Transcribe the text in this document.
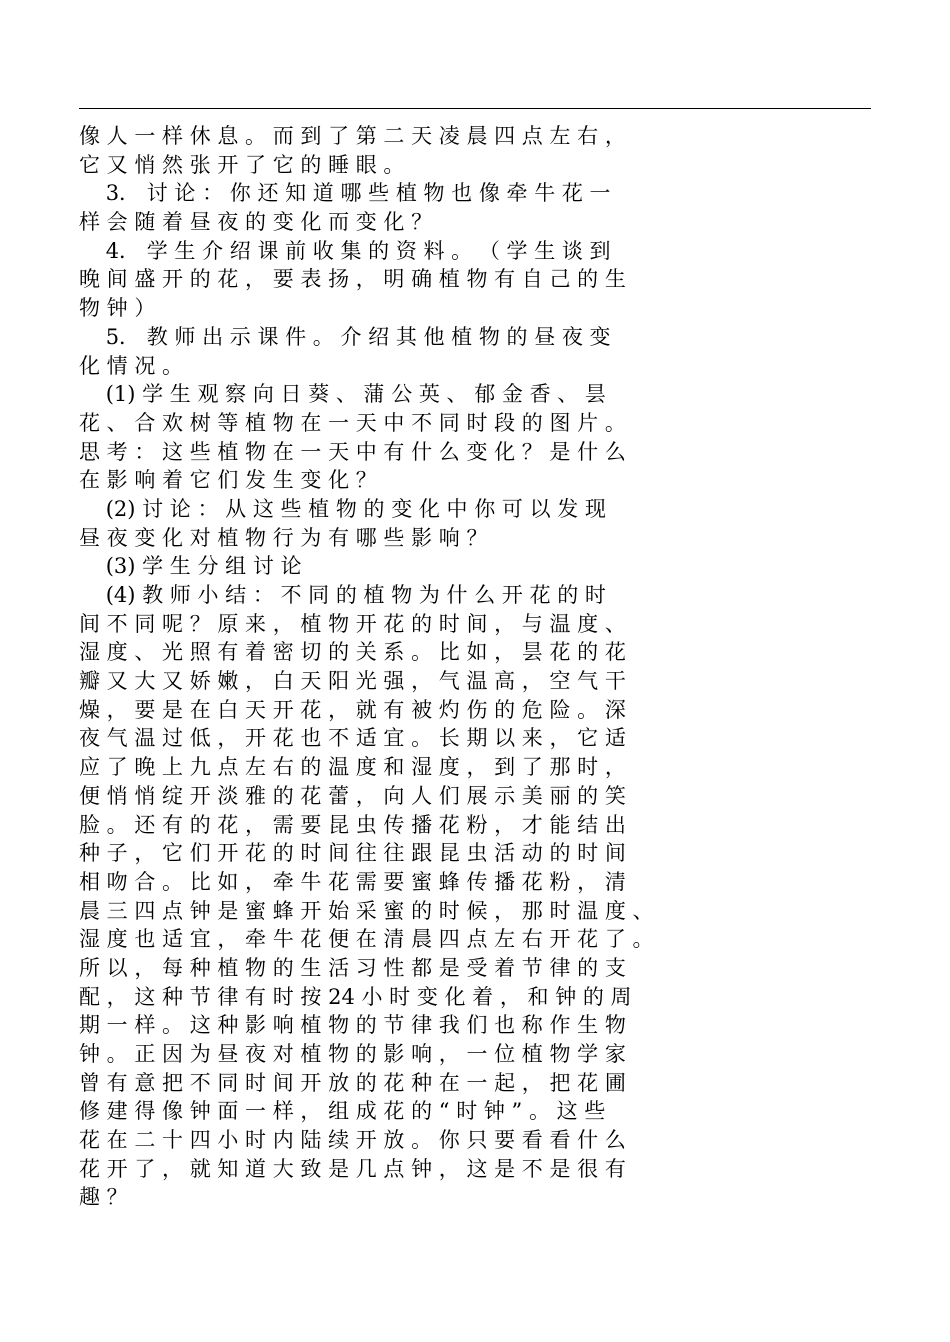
像 人 一 样 休 息 。 而 到 了 第 二 天 凌 晨 四 点 左 右 ，
它 又 悄 然 张 开 了 它 的 睡 眼 。
3． 讨 论 ： 你 还 知 道 哪 些 植 物 也 像 牵 牛 花 一
样 会 随 着 昼 夜 的 变 化 而 变 化 ？
4． 学 生 介 绍 课 前 收 集 的 资 料 。 （ 学 生 谈 到
晚 间 盛 开 的 花 ， 要 表 扬 ， 明 确 植 物 有 自 己 的 生
物 钟 ）
5． 教 师 出 示 课 件 。 介 绍 其 他 植 物 的 昼 夜 变
化 情 况 。
(1) 学 生 观 察 向 日 葵 、 蒲 公 英 、 郁 金 香 、 昙
花 、 合 欢 树 等 植 物 在 一 天 中 不 同 时 段 的 图 片 。
思 考 ： 这 些 植 物 在 一 天 中 有 什 么 变 化 ？ 是 什 么
在 影 响 着 它 们 发 生 变 化 ？
(2) 讨 论 ： 从 这 些 植 物 的 变 化 中 你 可 以 发 现
昼 夜 变 化 对 植 物 行 为 有 哪 些 影 响 ？
(3) 学 生 分 组 讨 论
(4) 教 师 小 结 ： 不 同 的 植 物 为 什 么 开 花 的 时
间 不 同 呢 ？ 原 来 ， 植 物 开 花 的 时 间 ， 与 温 度 、
湿 度 、 光 照 有 着 密 切 的 关 系 。 比 如 ， 昙 花 的 花
瓣 又 大 又 娇 嫩 ， 白 天 阳 光 强 ， 气 温 高 ， 空 气 干
燥 ， 要 是 在 白 天 开 花 ， 就 有 被 灼 伤 的 危 险 。 深
夜 气 温 过 低 ， 开 花 也 不 适 宜 。 长 期 以 来 ， 它 适
应 了 晚 上 九 点 左 右 的 温 度 和 湿 度 ， 到 了 那 时 ，
便 悄 悄 绽 开 淡 雅 的 花 蕾 ， 向 人 们 展 示 美 丽 的 笑
脸 。 还 有 的 花 ， 需 要 昆 虫 传 播 花 粉 ， 才 能 结 出
种 子 ， 它 们 开 花 的 时 间 往 往 跟 昆 虫 活 动 的 时 间
相 吻 合 。 比 如 ， 牵 牛 花 需 要 蜜 蜂 传 播 花 粉 ， 清
晨 三 四 点 钟 是 蜜 蜂 开 始 采 蜜 的 时 候 ， 那 时 温 度 、
湿 度 也 适 宜 ， 牵 牛 花 便 在 清 晨 四 点 左 右 开 花 了 。
所 以 ， 每 种 植 物 的 生 活 习 性 都 是 受 着 节 律 的 支
配 ， 这 种 节 律 有 时 按 24 小 时 变 化 着 ， 和 钟 的 周
期 一 样 。 这 种 影 响 植 物 的 节 律 我 们 也 称 作 生 物
钟 。 正 因 为 昼 夜 对 植 物 的 影 响 ， 一 位 植 物 学 家
曾 有 意 把 不 同 时 间 开 放 的 花 种 在 一 起 ， 把 花 圃
修 建 得 像 钟 面 一 样 ， 组 成 花 的 “ 时 钟 ” 。 这 些
花 在 二 十 四 小 时 内 陆 续 开 放 。 你 只 要 看 看 什 么
花 开 了 ， 就 知 道 大 致 是 几 点 钟 ， 这 是 不 是 很 有
趣 ？
